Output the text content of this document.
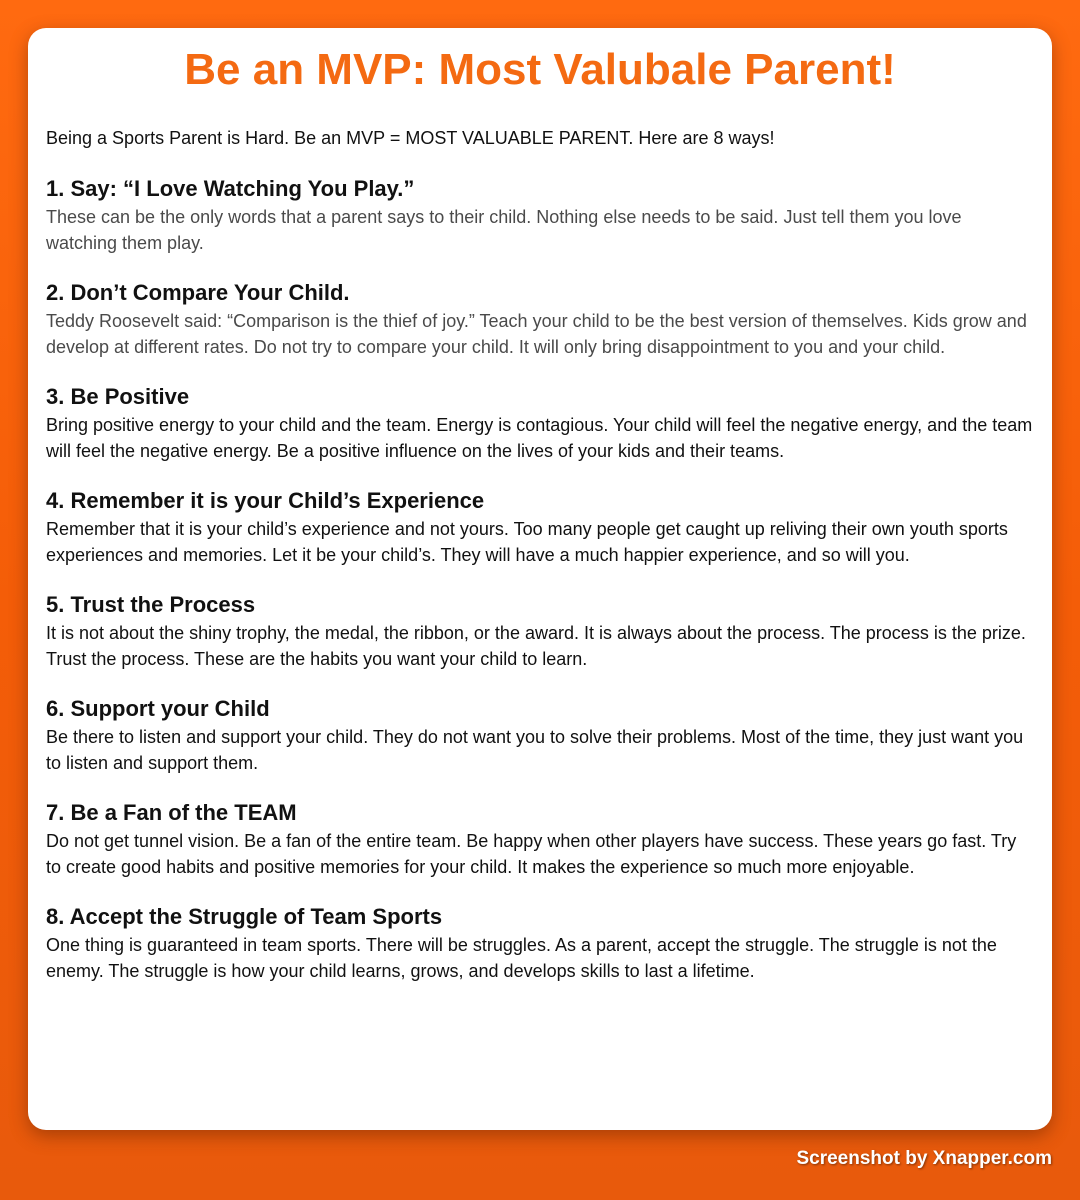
Be an MVP: Most Valubale Parent!

Being a Sports Parent is Hard. Be an MVP = MOST VALUABLE PARENT. Here are 8 ways!

1. Say: “I Love Watching You Play.”

These can be the only words that a parent says to their child. Nothing else needs to be said. Just tell them you love watching them play.

2. Don’t Compare Your Child.

Teddy Roosevelt said: “Comparison is the thief of joy.” Teach your child to be the best version of themselves. Kids grow and develop at different rates. Do not try to compare your child. It will only bring disappointment to you and your child.

3. Be Positive

Bring positive energy to your child and the team. Energy is contagious. Your child will feel the negative energy, and the team will feel the negative energy. Be a positive influence on the lives of your kids and their teams.

4. Remember it is your Child’s Experience

Remember that it is your child’s experience and not yours. Too many people get caught up reliving their own youth sports experiences and memories. Let it be your child’s. They will have a much happier experience, and so will you.

5. Trust the Process

It is not about the shiny trophy, the medal, the ribbon, or the award. It is always about the process. The process is the prize. Trust the process. These are the habits you want your child to learn.

6. Support your Child

Be there to listen and support your child. They do not want you to solve their problems. Most of the time, they just want you to listen and support them.

7. Be a Fan of the TEAM

Do not get tunnel vision. Be a fan of the entire team. Be happy when other players have success. These years go fast. Try to create good habits and positive memories for your child. It makes the experience so much more enjoyable.

8. Accept the Struggle of Team Sports

One thing is guaranteed in team sports. There will be struggles. As a parent, accept the struggle. The struggle is not the enemy. The struggle is how your child learns, grows, and develops skills to last a lifetime.

Screenshot by Xnapper.com
